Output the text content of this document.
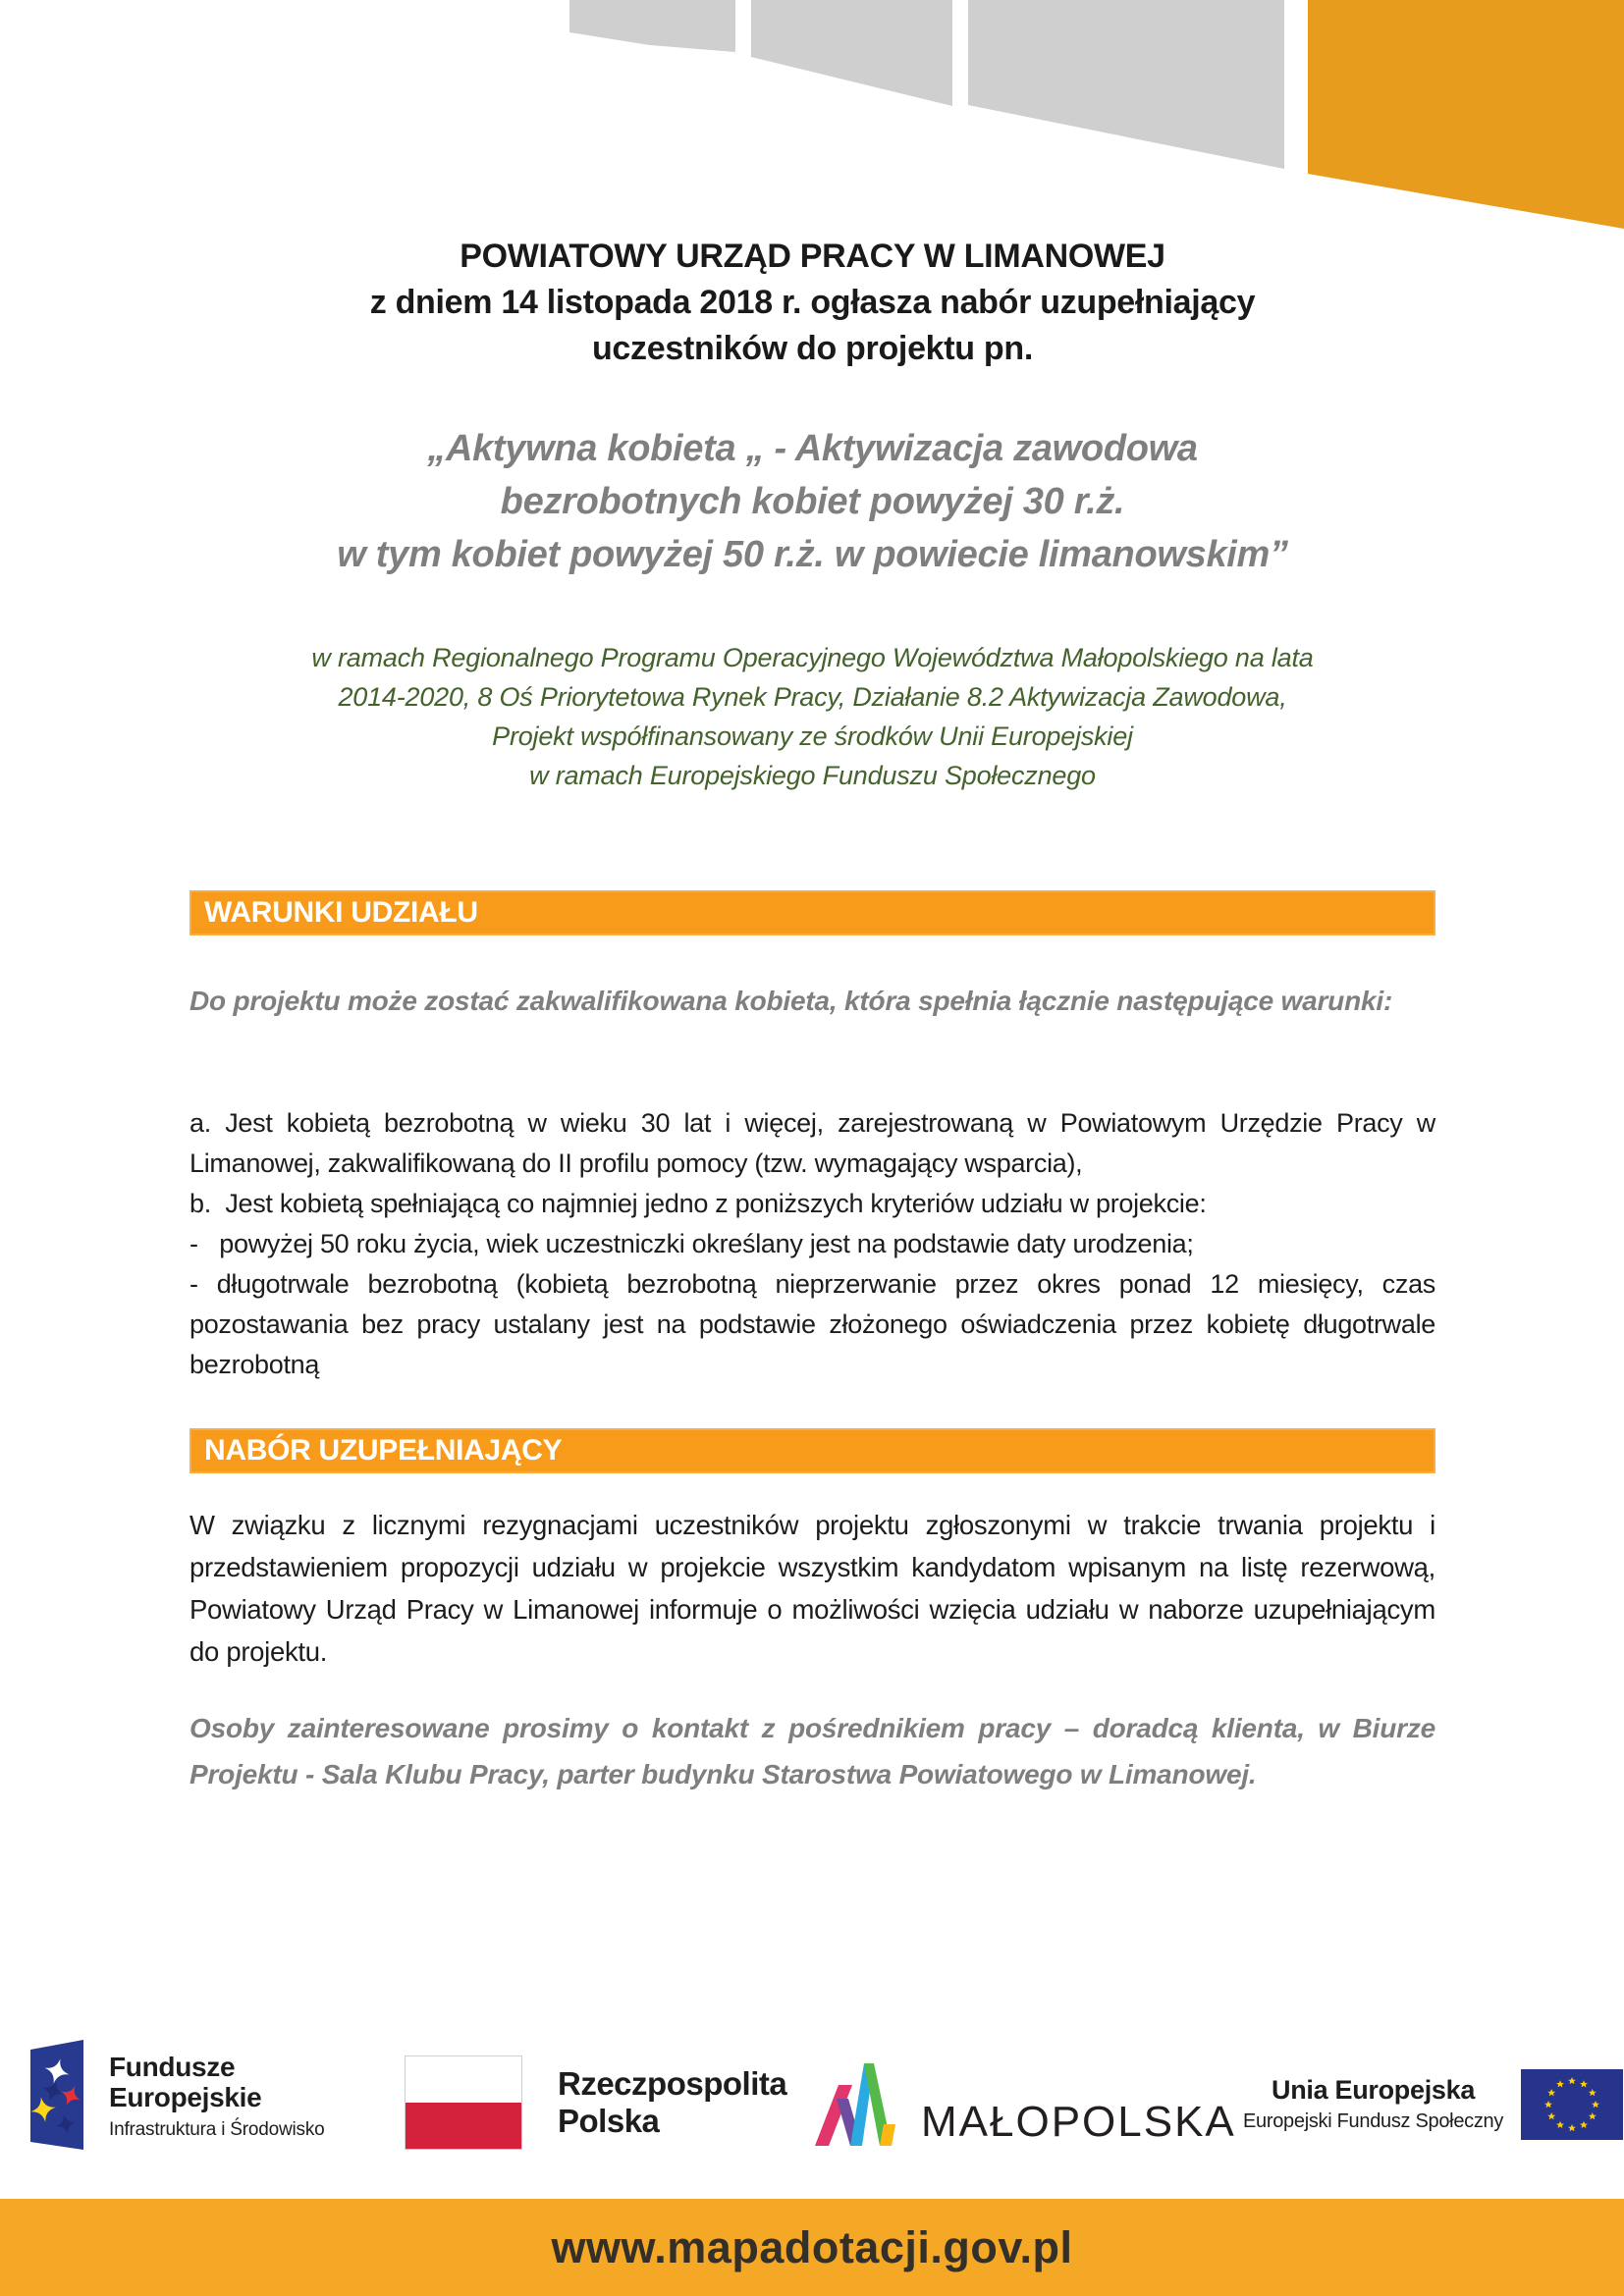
POWIATOWY URZĄD PRACY W LIMANOWEJ
z dniem 14 listopada 2018 r. ogłasza nabór uzupełniający
uczestników do projektu pn.
„Aktywna kobieta „ - Aktywizacja zawodowa
bezrobotnych kobiet powyżej 30 r.ż.
w tym kobiet powyżej 50 r.ż. w powiecie limanowskim”
w ramach Regionalnego Programu Operacyjnego Województwa Małopolskiego na lata
2014-2020, 8 Oś Priorytetowa Rynek Pracy, Działanie 8.2 Aktywizacja Zawodowa,
Projekt współfinansowany ze środków Unii Europejskiej
w ramach Europejskiego Funduszu Społecznego
WARUNKI UDZIAŁU
Do projektu może zostać zakwalifikowana kobieta, która spełnia łącznie następujące warunki:

a. Jest kobietą bezrobotną w wieku 30 lat i więcej, zarejestrowaną w Powiatowym Urzędzie Pracy w Limanowej, zakwalifikowaną do II profilu pomocy (tzw. wymagający wsparcia),

b.  Jest kobietą spełniającą co najmniej jedno z poniższych kryteriów udziału w projekcie:

-   powyżej 50 roku życia, wiek uczestniczki określany jest na podstawie daty urodzenia;

- długotrwale bezrobotną (kobietą bezrobotną nieprzerwanie przez okres ponad 12 miesięcy, czas pozostawania bez pracy ustalany jest na podstawie złożonego oświadczenia przez kobietę długotrwale bezrobotną

NABÓR UZUPEŁNIAJĄCY

W związku z licznymi rezygnacjami uczestników projektu zgłoszonymi w trakcie trwania projektu i przedstawieniem propozycji udziału w projekcie wszystkim kandydatom wpisanym na listę rezerwową, Powiatowy Urząd Pracy w Limanowej informuje o możliwości wzięcia udziału w naborze uzupełniającym do projektu.

Osoby zainteresowane prosimy o kontakt z pośrednikiem pracy – doradcą klienta, w Biurze Projektu - Sala Klubu Pracy, parter budynku Starostwa Powiatowego w Limanowej.
Fundusze
Europejskie
Infrastruktura i Środowisko
Rzeczpospolita
Polska	MAŁOPOLSKA
Unia Europejska
Europejski Fundusz Społeczny
www.mapadotacji.gov.pl
